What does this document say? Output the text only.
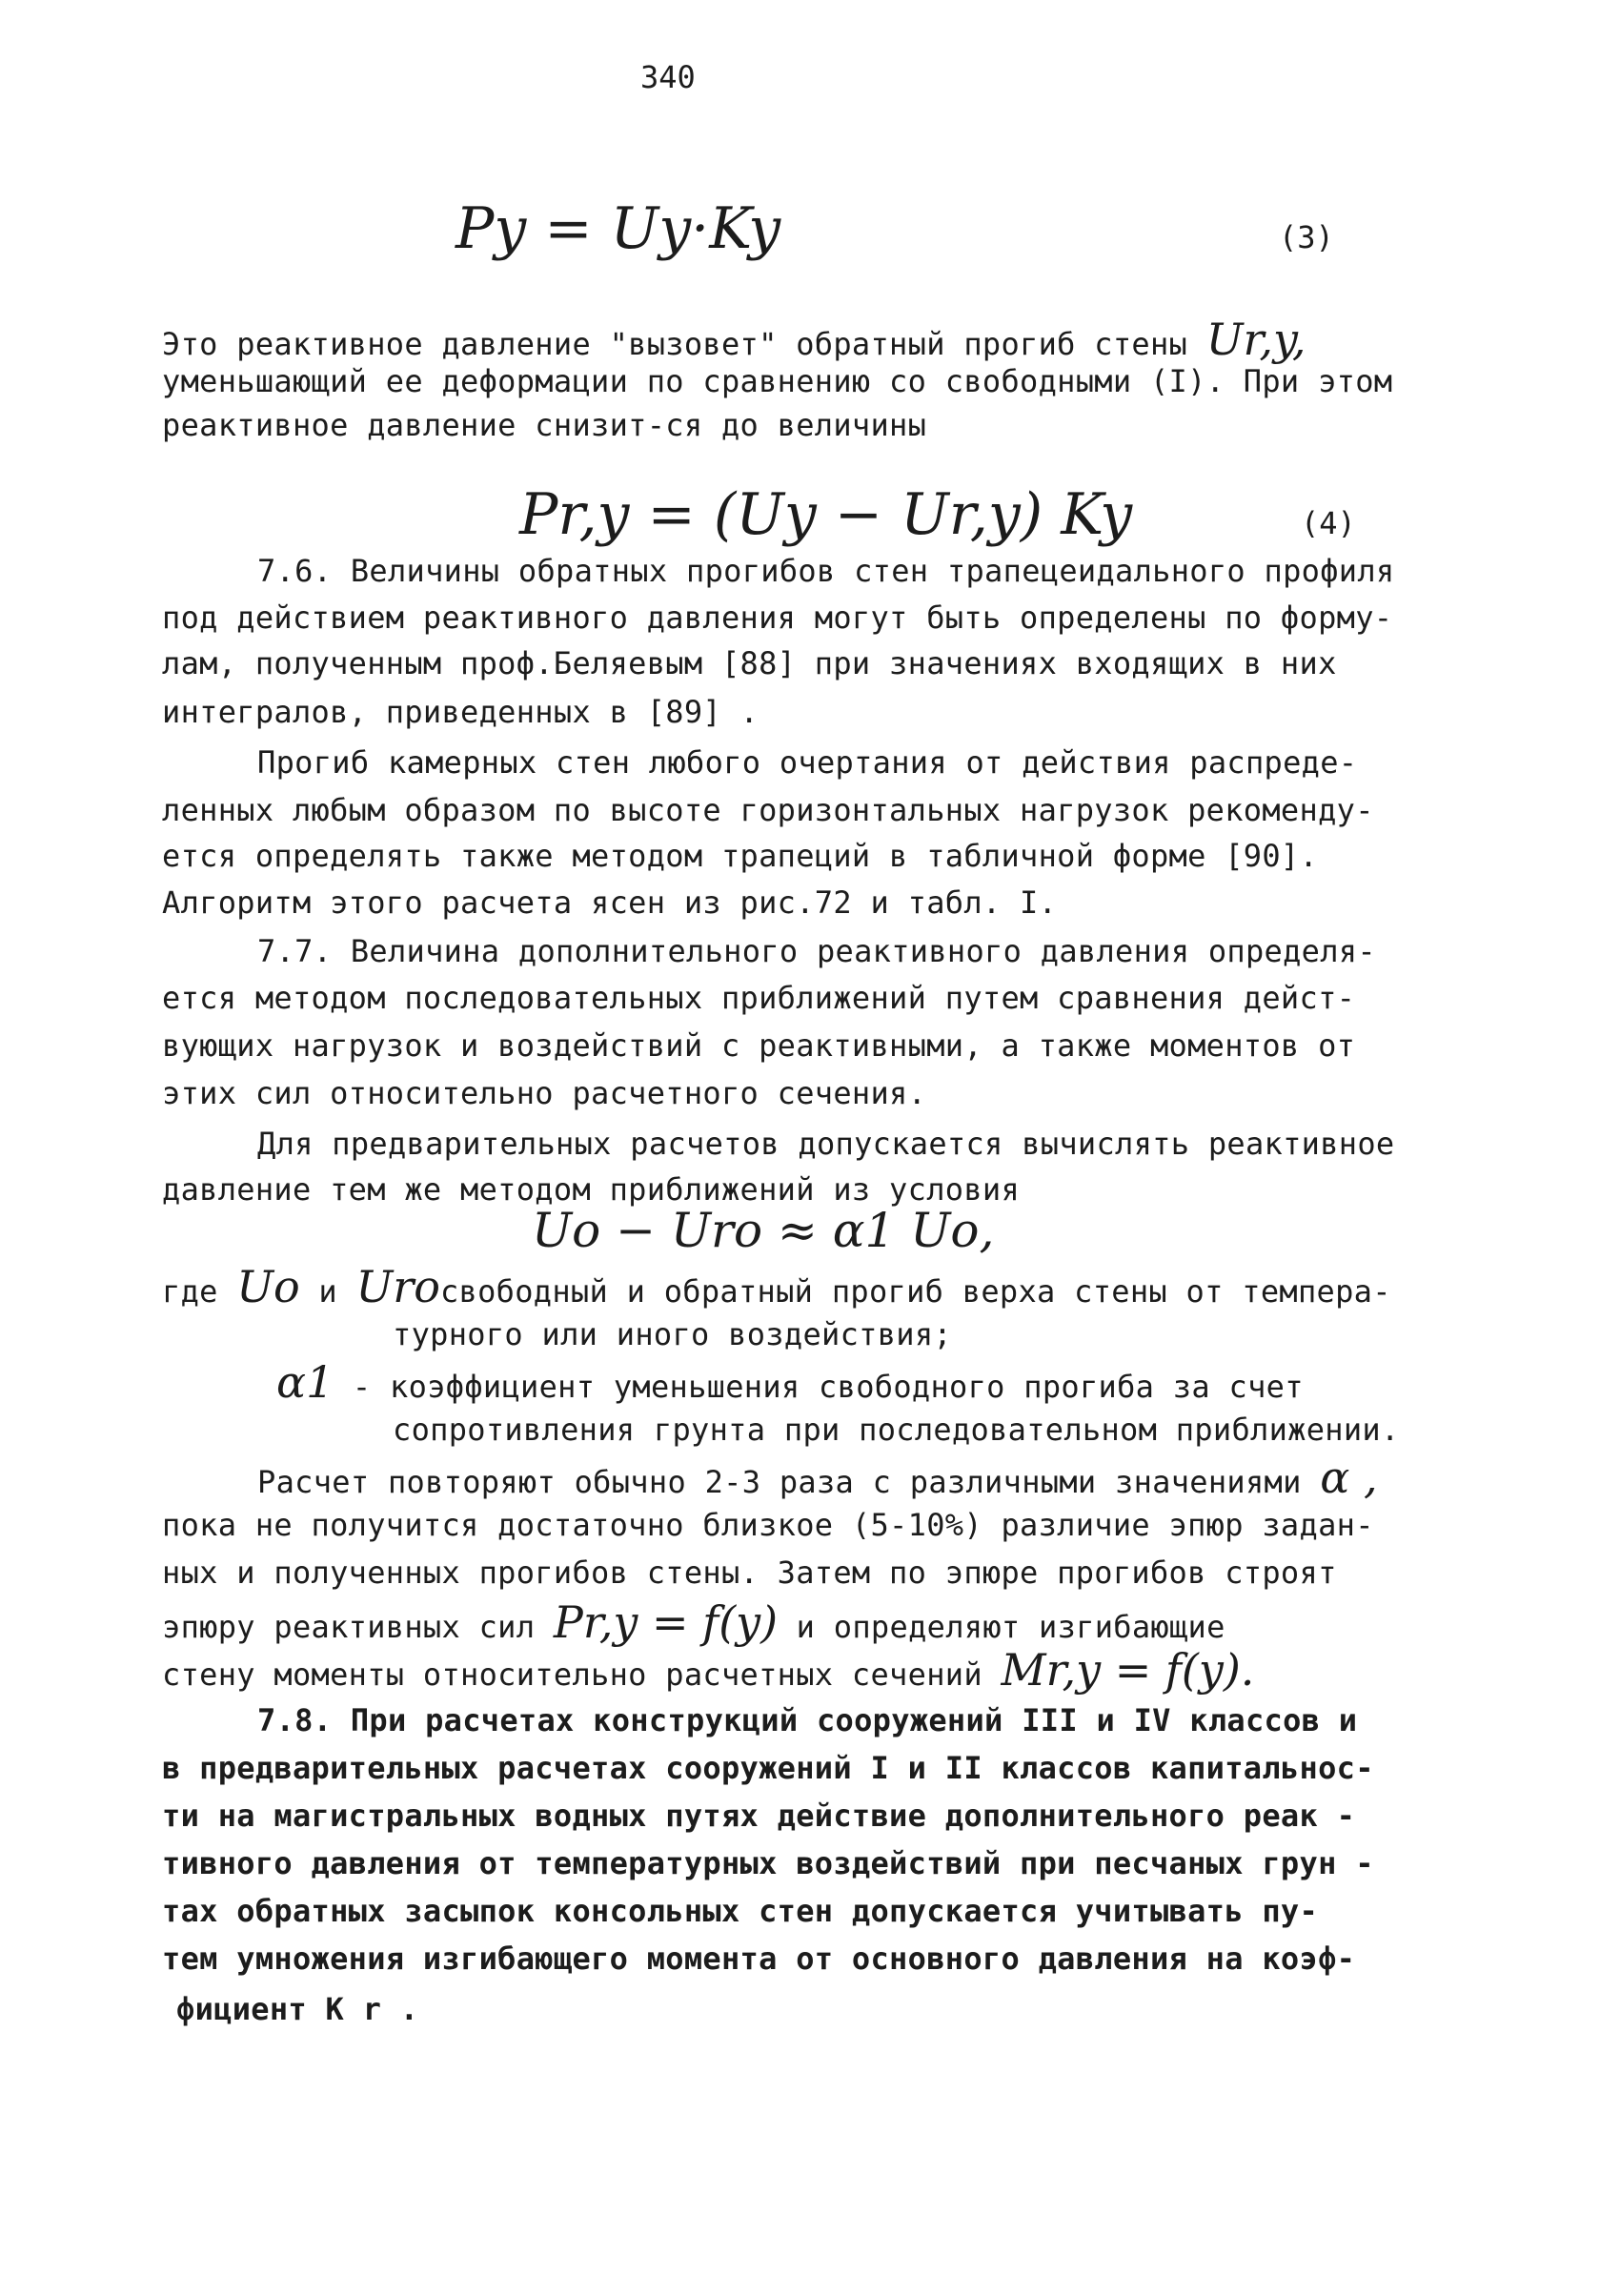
340
Py = Uy·Ky	(3)
Это реактивное давление "вызовет" обратный прогиб стены Ur,y,
уменьшающий ее деформации по сравнению со свободными (I). При этом
реактивное давление снизит-ся до величины
Pr,y = (Uy − Ur,y) Ky	(4)
7.6. Величины обратных прогибов стен трапецеидального профиля
под действием реактивного давления могут быть определены по форму-
лам, полученным проф.Беляевым [88] при значениях входящих в них
интегралов, приведенных в [89] .
Прогиб камерных стен любого очертания от действия распреде-
ленных любым образом по высоте горизонтальных нагрузок рекоменду-
ется определять также методом трапеций в табличной форме [90].
Алгоритм этого расчета ясен из рис.72 и табл. I.
7.7. Величина дополнительного реактивного давления определя-
ется методом последовательных приближений путем сравнения дейст-
вующих нагрузок и воздействий с реактивными, а также моментов от
этих сил относительно расчетного сечения.
Для предварительных расчетов допускается вычислять реактивное
давление тем же методом приближений из условия
Uo − Uro ≈ α1 Uo,
где Uo и Uroсвободный и обратный прогиб верха стены от темпера-
турного или иного воздействия;
α1 - коэффициент уменьшения свободного прогиба за счет
сопротивления грунта при последовательном приближении.
Расчет повторяют обычно 2-3 раза с различными значениями α ,
пока не получится достаточно близкое (5-10%) различие эпюр задан-
ных и полученных прогибов стены. Затем по эпюре прогибов строят
эпюру реактивных сил Pr,y = f(y) и определяют изгибающие
стену моменты относительно расчетных сечений Mr,y = f(y).
7.8. При расчетах конструкций сооружений III и IV классов и
в предварительных расчетах сооружений I и II классов капитальнос-
ти на магистральных водных путях действие дополнительного реак -
тивного давления от температурных воздействий при песчаных грун -
тах обратных засыпок консольных стен допускается учитывать пу-
тем умножения изгибающего момента от основного давления на коэф-
фициент К r .
